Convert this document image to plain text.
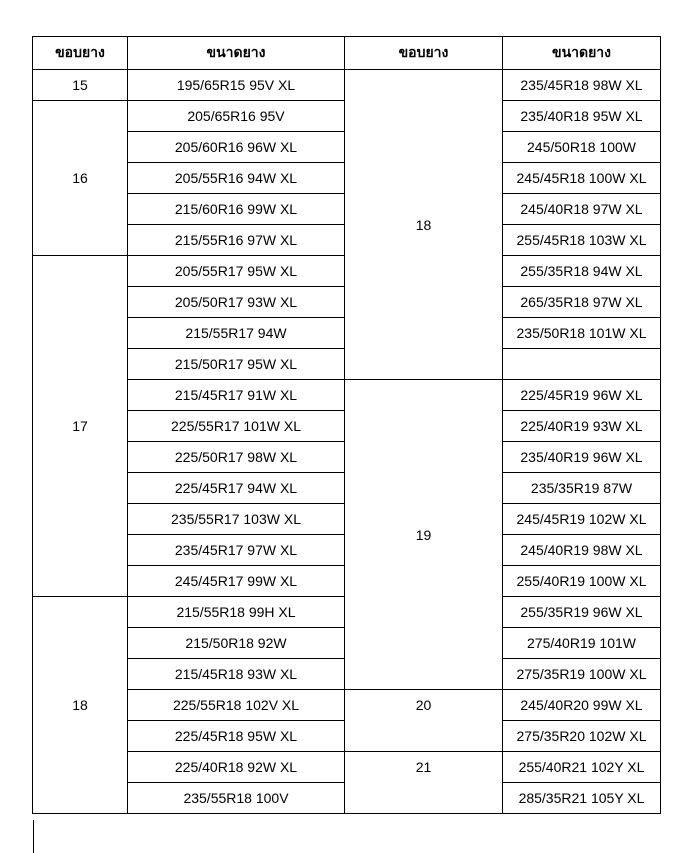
ขอบยาง	ขนาดยาง	ขอบยาง	ขนาดยาง
15	195/65R15 95V XL	18	235/45R18 98W XL
16	205/65R16 95V		235/40R18 95W XL
	205/60R16 96W XL		245/50R18 100W
	205/55R16 94W XL		245/45R18 100W XL
	215/60R16 99W XL		245/40R18 97W XL
	215/55R16 97W XL		255/45R18 103W XL
17	205/55R17 95W XL		255/35R18 94W XL
	205/50R17 93W XL		265/35R18 97W XL
	215/55R17 94W		235/50R18 101W XL
	215/50R17 95W XL		
	215/45R17 91W XL	19	225/45R19 96W XL
	225/55R17 101W XL		225/40R19 93W XL
	225/50R17 98W XL		235/40R19 96W XL
	225/45R17 94W XL		235/35R19 87W
	235/55R17 103W XL		245/45R19 102W XL
	235/45R17 97W XL		245/40R19 98W XL
	245/45R17 99W XL		255/40R19 100W XL
18	215/55R18 99H XL		255/35R19 96W XL
	215/50R18 92W		275/40R19 101W
	215/45R18 93W XL		275/35R19 100W XL
	225/55R18 102V XL	20	245/40R20 99W XL
	225/45R18 95W XL		275/35R20 102W XL
	225/40R18 92W XL	21	255/40R21 102Y XL
	235/55R18 100V		285/35R21 105Y XL
